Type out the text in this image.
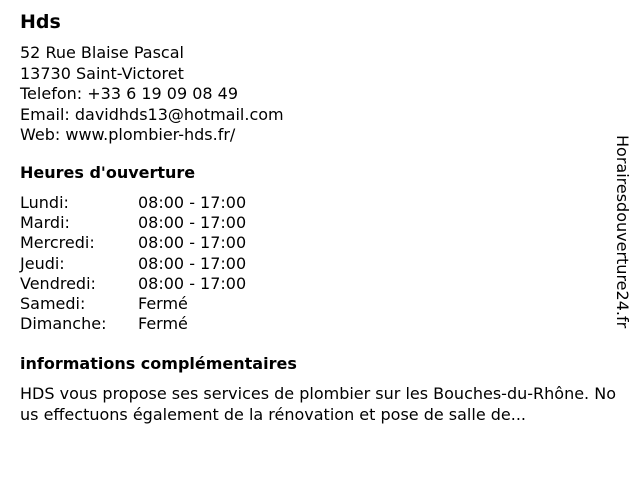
Hds
52 Rue Blaise Pascal
13730 Saint-Victoret
Telefon: +33 6 19 09 08 49
Email: davidhds13@hotmail.com
Web: www.plombier-hds.fr/
Heures d'ouverture
Lundi:	08:00 - 17:00
Mardi:	08:00 - 17:00
Mercredi:	08:00 - 17:00
Jeudi:	08:00 - 17:00
Vendredi:	08:00 - 17:00
Samedi:	Fermé
Dimanche:	Fermé
informations complémentaires
HDS vous propose ses services de plombier sur les Bouches-du-Rhône. Nous effectuons également de la rénovation et pose de salle de...
Horairesdouverture24.fr
